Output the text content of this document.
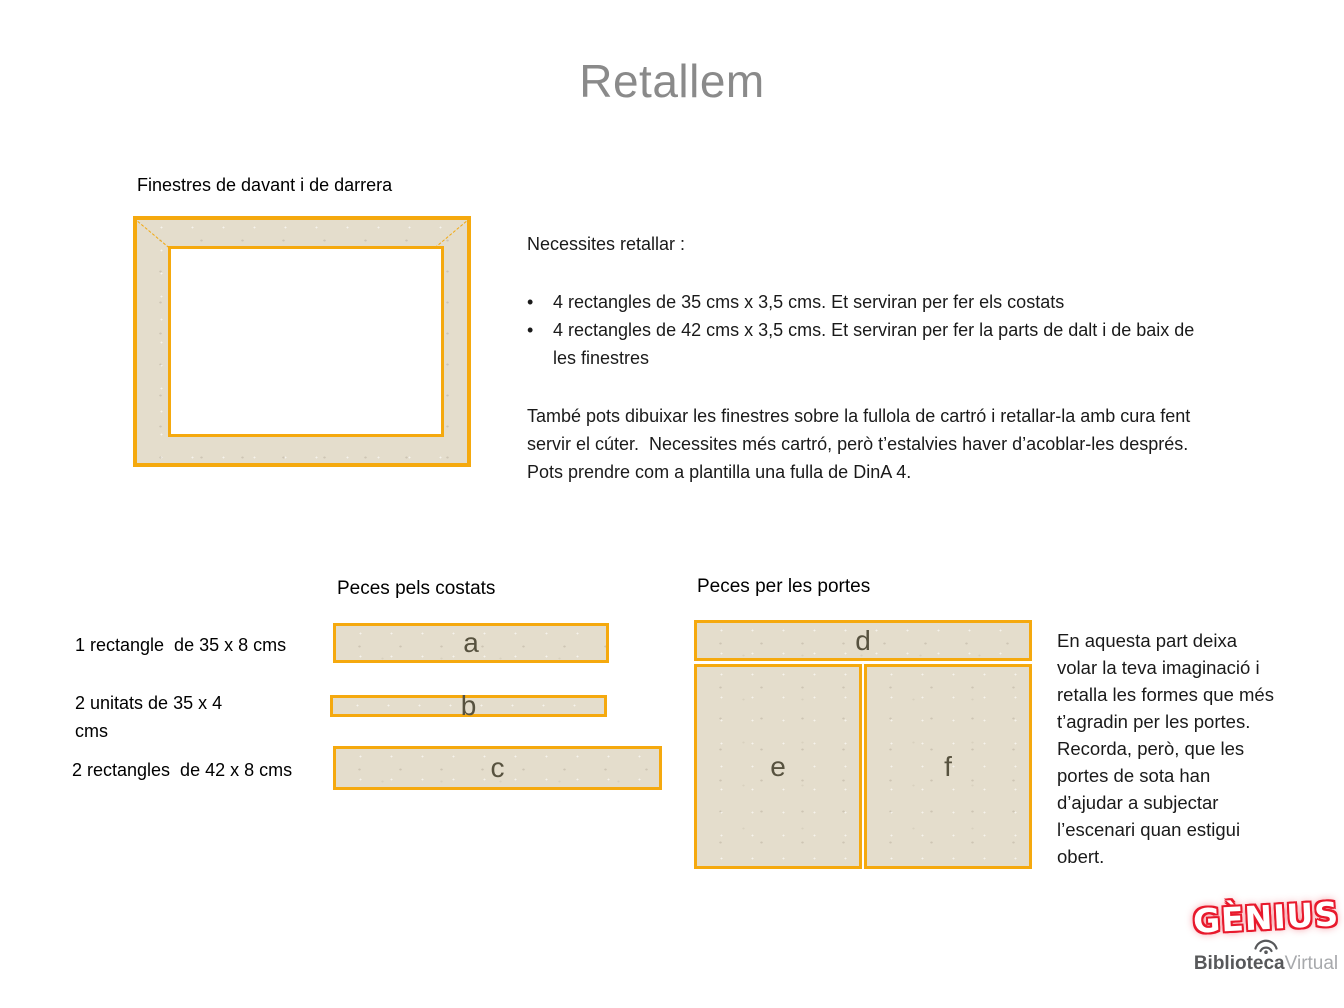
Retallem
Finestres de davant i de darrera

Necessites retallar :

•	4 rectangles de 35 cms x 3,5 cms. Et serviran per fer els costats
•	4 rectangles de 42 cms x 3,5 cms. Et serviran per fer la parts de dalt i de baix de les finestres

També pots dibuixar les finestres sobre la fullola de cartró i retallar-la amb cura fent servir el cúter.  Necessites més cartró, però t’estalvies haver d’acoblar-les després. Pots prendre com a plantilla una fulla de DinA 4.

Peces pels costats	Peces per les portes
1 rectangle  de 35 x 8 cms
2 unitats de 35 x 4 cms
2 rectangles  de 42 x 8 cms
a
b
c
d
e	f
En aquesta part deixa volar la teva imaginació i retalla les formes que més t’agradin per les portes. Recorda, però, que les portes de sota han d’ajudar a subjectar l’escenari quan estigui obert.
GÈNIUS
BibliotecaVirtual
